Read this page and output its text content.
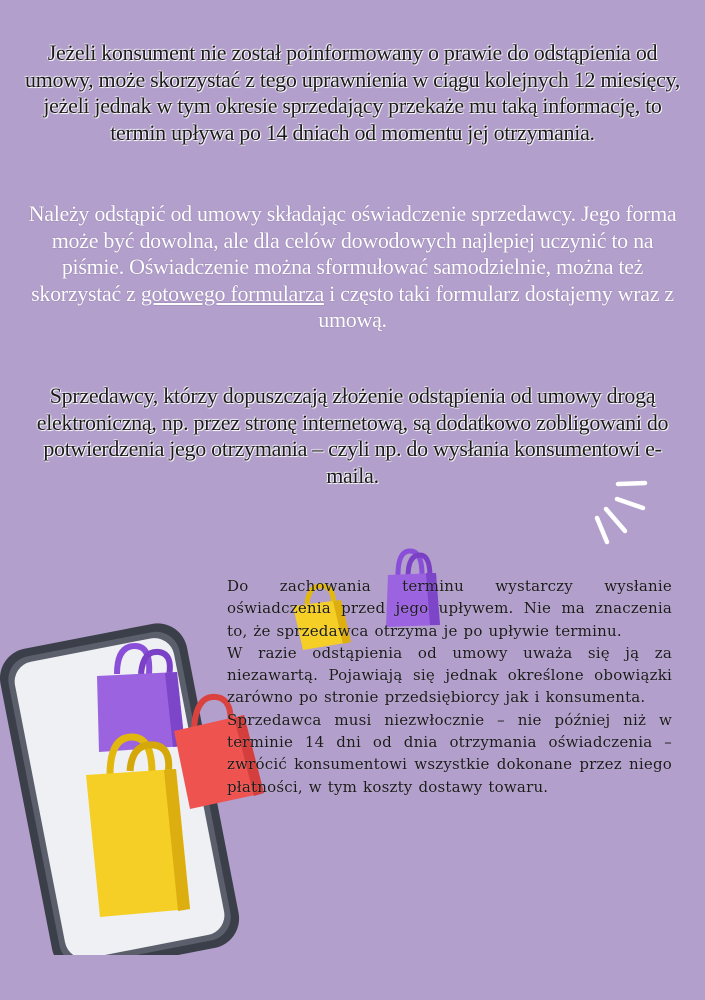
Jeżeli konsument nie został poinformowany o prawie do odstąpienia od umowy, może skorzystać z tego uprawnienia w ciągu kolejnych 12 miesięcy, jeżeli jednak w tym okresie sprzedający przekaże mu taką informację, to termin upływa po 14 dniach od momentu jej otrzymania.

Należy odstąpić od umowy składając oświadczenie sprzedawcy. Jego forma może być dowolna, ale dla celów dowodowych najlepiej uczynić to na piśmie. Oświadczenie można sformułować samodzielnie, można też skorzystać z gotowego formularza i często taki formularz dostajemy wraz z umową.

Sprzedawcy, którzy dopuszczają złożenie odstąpienia od umowy drogą elektroniczną, np. przez stronę internetową, są dodatkowo zobligowani do potwierdzenia jego otrzymania – czyli np. do wysłania konsumentowi e-maila.

Do zachowania terminu wystarczy wysłanie oświadczenia przed jego upływem. Nie ma znaczenia to, że sprzedawca otrzyma je po upływie terminu.
W razie odstąpienia od umowy uważa się ją za niezawartą. Pojawiają się jednak określone obowiązki zarówno po stronie przedsiębiorcy jak i konsumenta.
Sprzedawca musi niezwłocznie – nie później niż w terminie 14 dni od dnia otrzymania oświadczenia – zwrócić konsumentowi wszystkie dokonane przez niego płatności, w tym koszty dostawy towaru.
